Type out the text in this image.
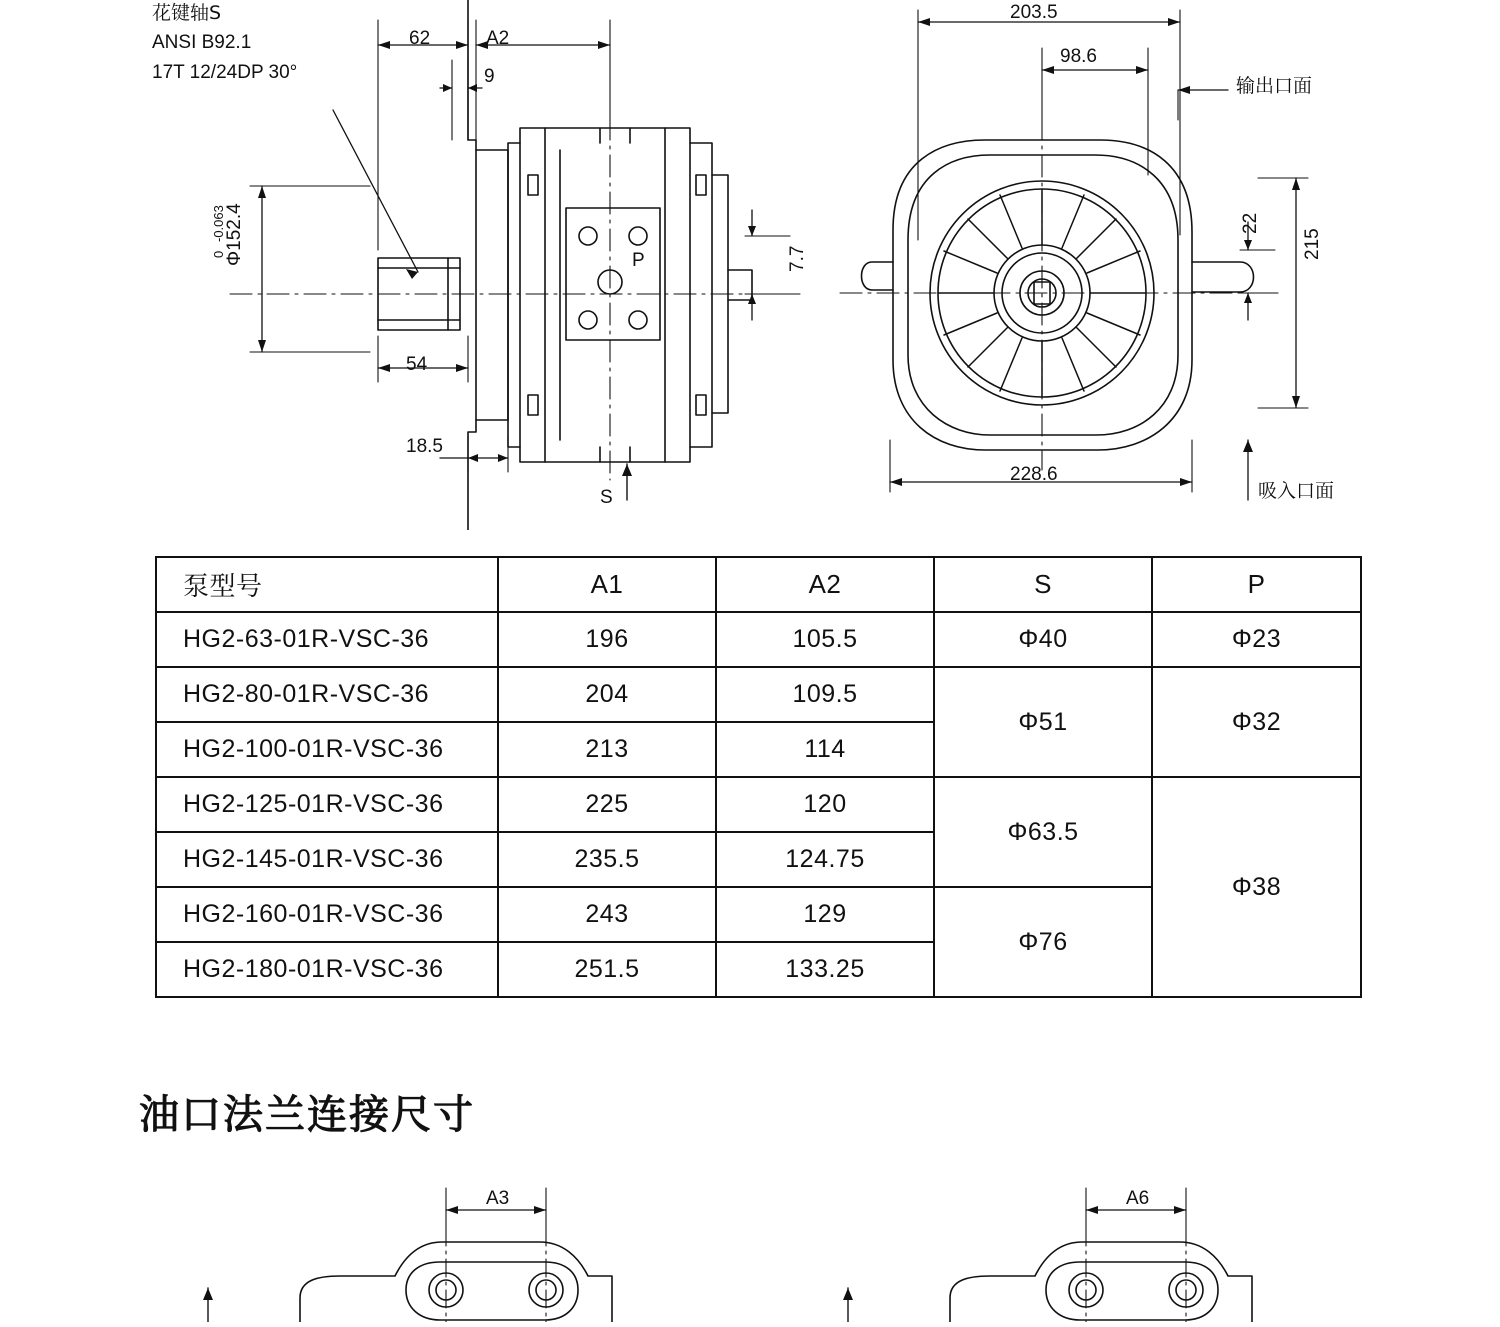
花键轴S
ANSI B92.1
17T 12/24DP 30°
62	A2
9
54
18.5
Φ152.4
0
-0.063
7.7
S
P
203.5
98.6
输出口面
22
215
228.6
吸入口面
泵型号	A1	A2	S	P
HG2-63-01R-VSC-36	196	105.5	Φ40	Φ23
HG2-80-01R-VSC-36	204	109.5	Φ51	Φ32
HG2-100-01R-VSC-36	213	114		
HG2-125-01R-VSC-36	225	120	Φ63.5	Φ38
HG2-145-01R-VSC-36	235.5	124.75		
HG2-160-01R-VSC-36	243	129	Φ76	
HG2-180-01R-VSC-36	251.5	133.25		
油口法兰连接尺寸
A3	A6
